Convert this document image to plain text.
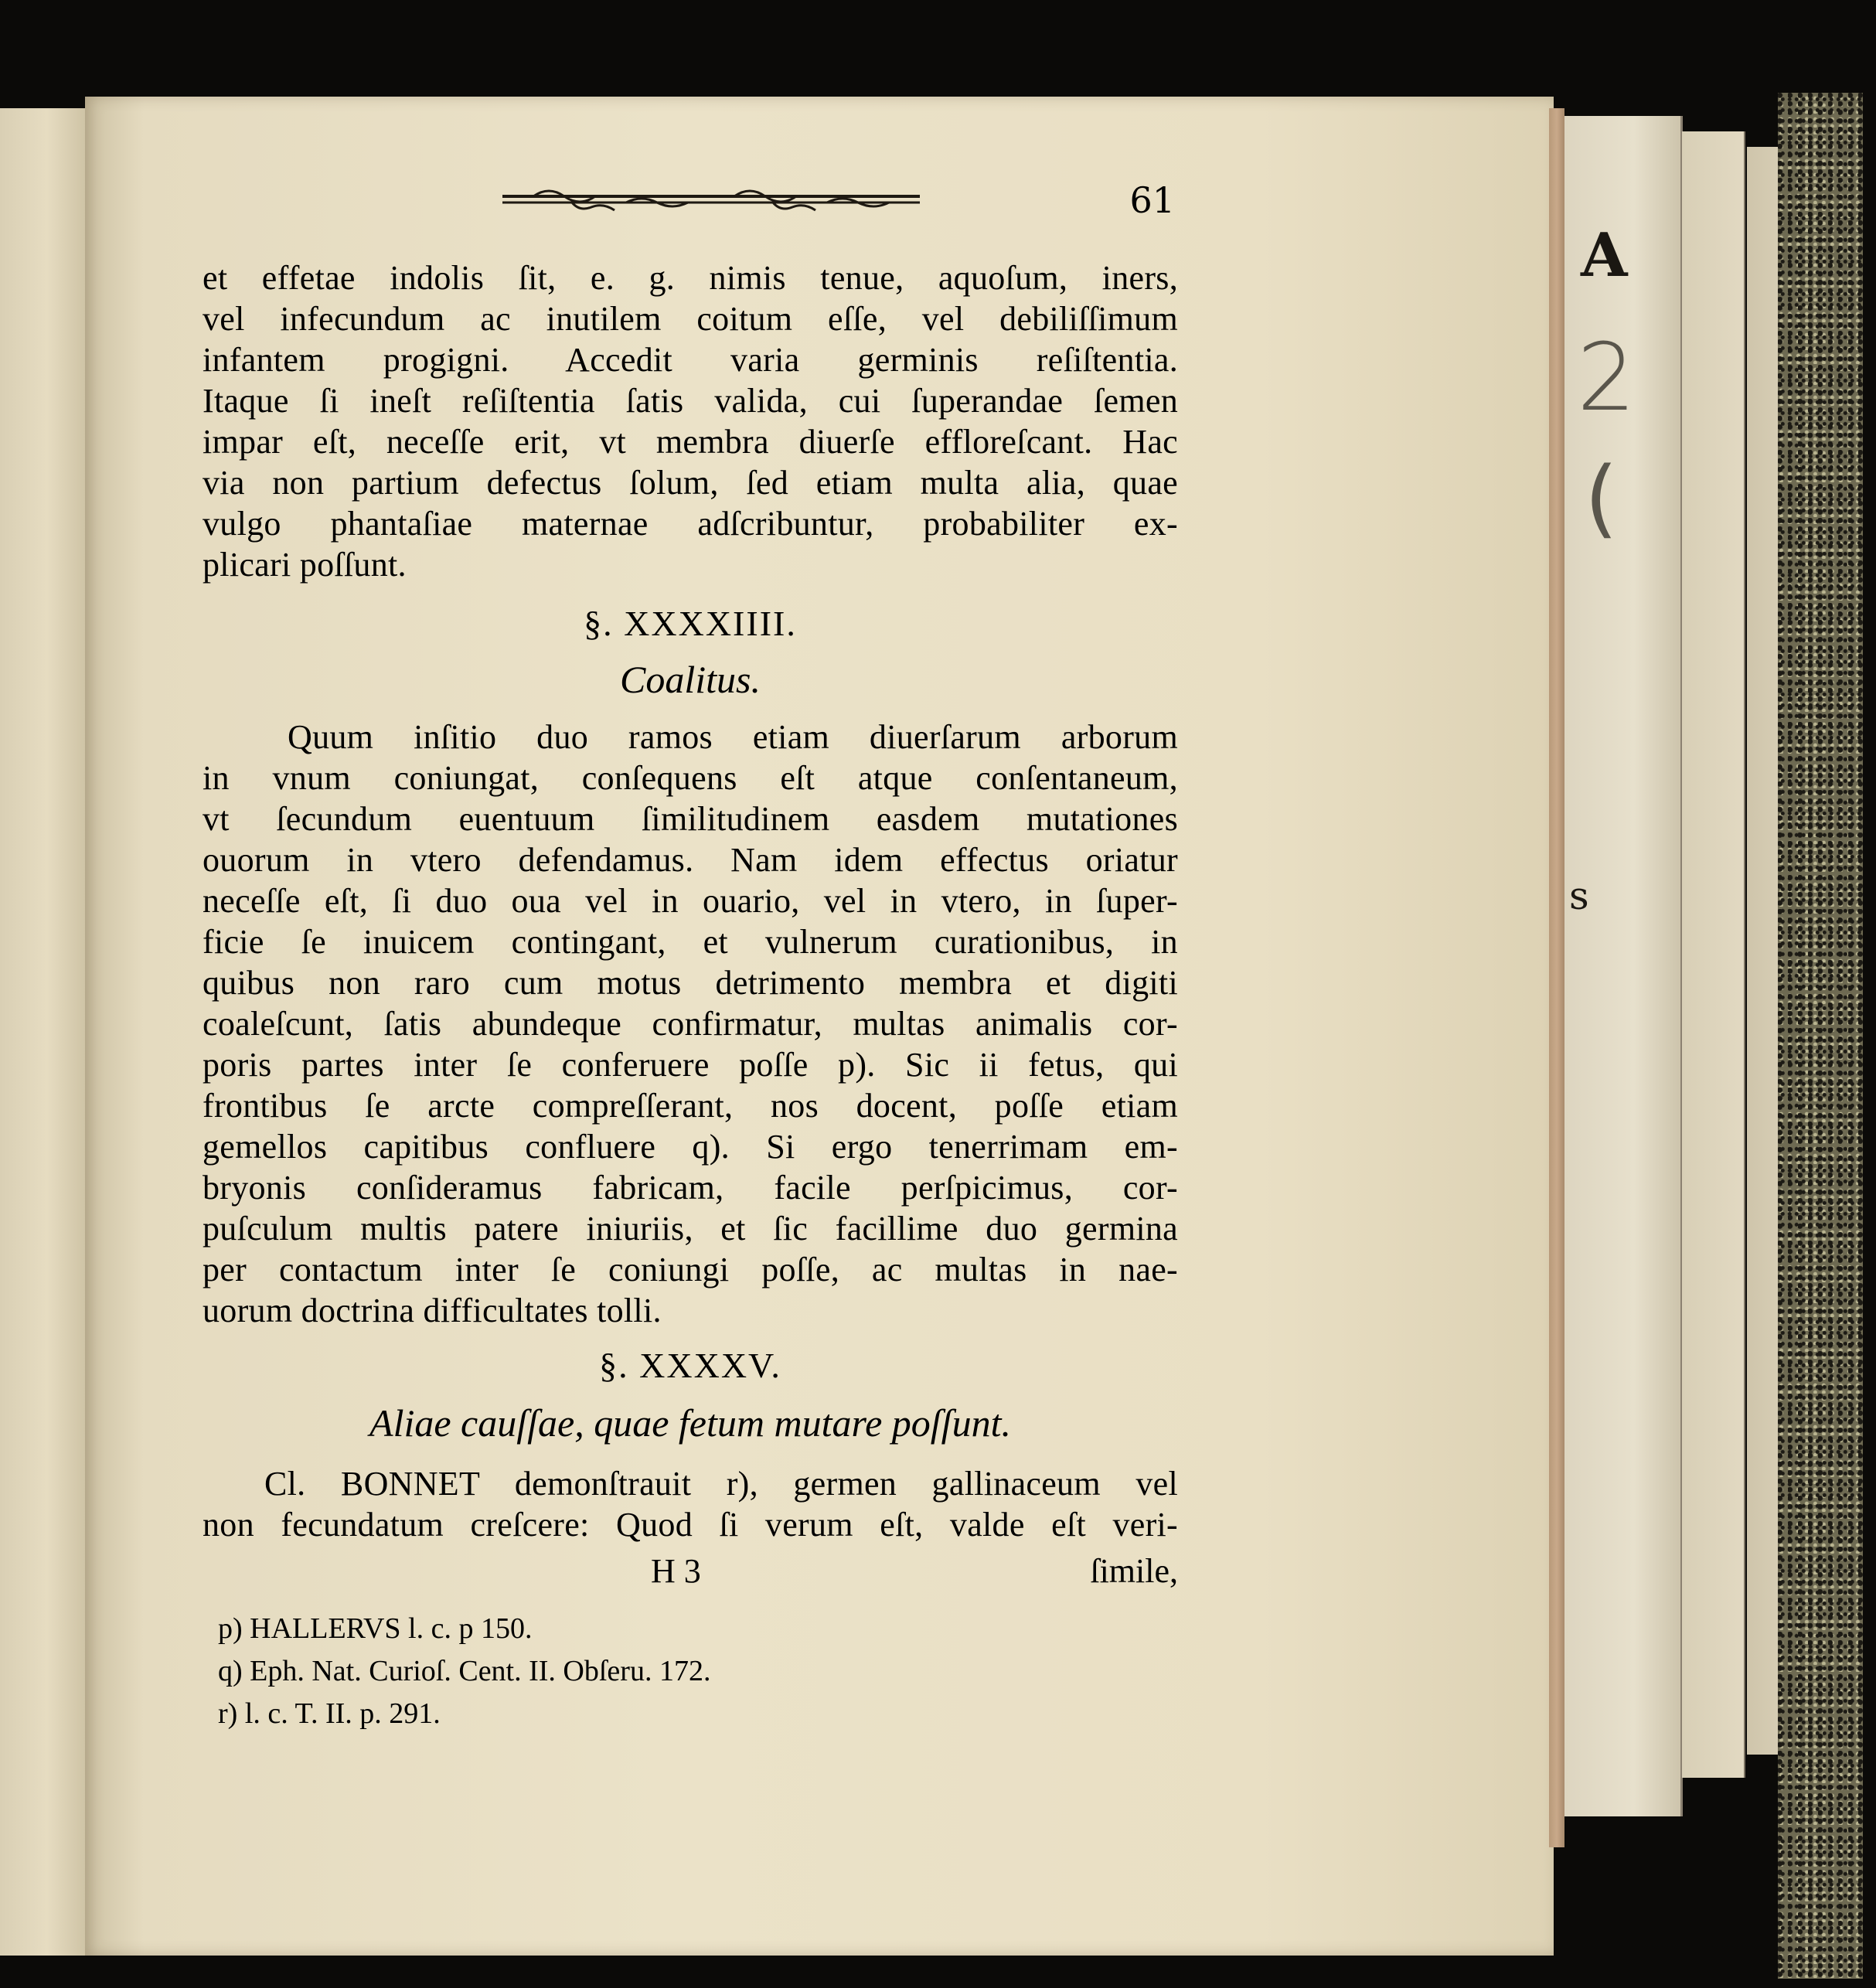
A
2
(
s
61
et effetae indolis ſit, e. g. nimis tenue, aquoſum, iners,
vel infecundum ac inutilem coitum eſſe, vel debiliſſimum
infantem progigni. Accedit varia germinis reſiſtentia.
Itaque ſi ineſt reſiſtentia ſatis valida, cui ſuperandae ſemen
impar eſt, neceſſe erit, vt membra diuerſe effloreſcant. Hac
via non partium defectus ſolum, ſed etiam multa alia, quae
vulgo phantaſiae maternae adſcribuntur, probabiliter ex-
plicari poſſunt.
§. XXXXIIII.
Coalitus.
Quum inſitio duo ramos etiam diuerſarum arborum
in vnum coniungat, conſequens eſt atque conſentaneum,
vt ſecundum euentuum ſimilitudinem easdem mutationes
ouorum in vtero defendamus. Nam idem effectus oriatur
neceſſe eſt, ſi duo oua vel in ouario, vel in vtero, in ſuper-
ficie ſe inuicem contingant, et vulnerum curationibus, in
quibus non raro cum motus detrimento membra et digiti
coaleſcunt, ſatis abundeque confirmatur, multas animalis cor-
poris partes inter ſe conferuere poſſe p). Sic ii fetus, qui
frontibus ſe arcte compreſſerant, nos docent, poſſe etiam
gemellos capitibus confluere q). Si ergo tenerrimam em-
bryonis conſideramus fabricam, facile perſpicimus, cor-
puſculum multis patere iniuriis, et ſic facillime duo germina
per contactum inter ſe coniungi poſſe, ac multas in nae-
uorum doctrina difficultates tolli.
§. XXXXV.
Aliae cauſſae, quae fetum mutare poſſunt.
Cl. BONNET demonſtrauit r), germen gallinaceum vel
non fecundatum creſcere: Quod ſi verum eſt, valde eſt veri-
H 3	ſimile,
p) HALLERVS l. c. p 150.
q) Eph. Nat. Curioſ. Cent. II. Obſeru. 172.
r) l. c. T. II. p. 291.
